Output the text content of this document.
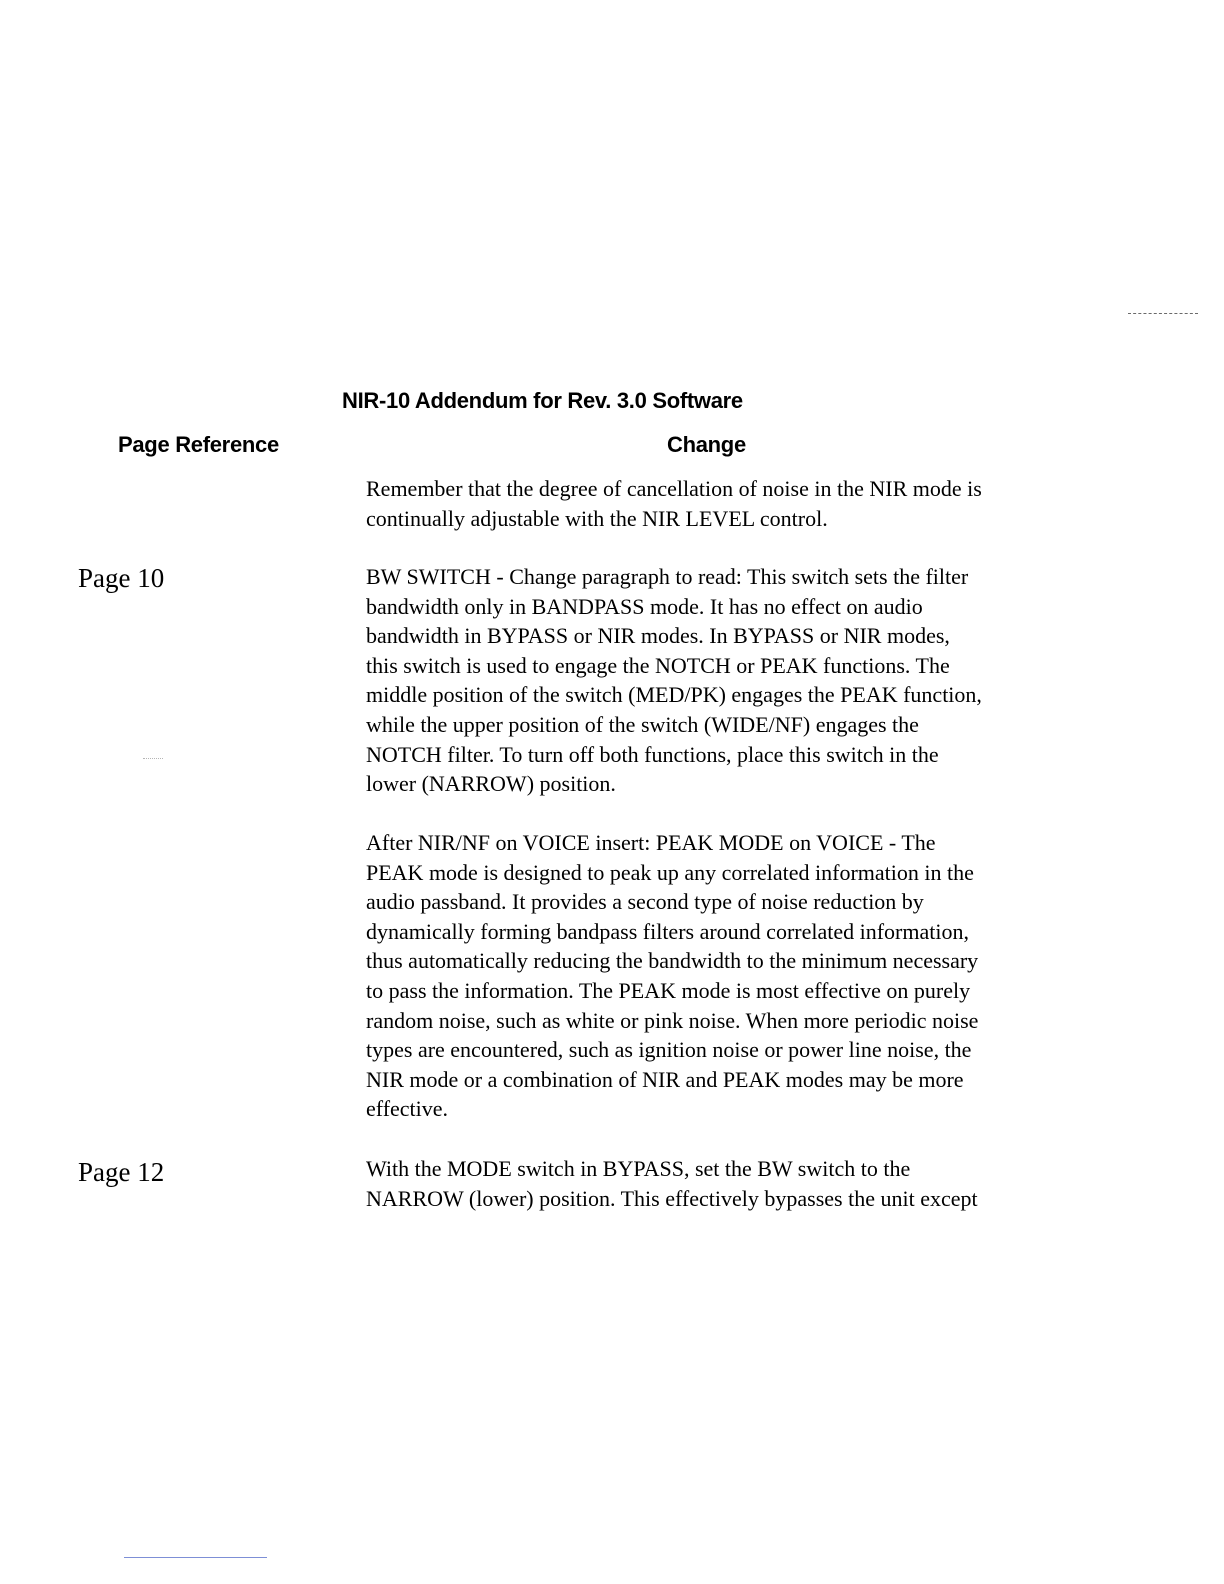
NIR-10 Addendum for Rev. 3.0 Software
Page Reference	Change
Remember that the degree of cancellation of noise in the NIR mode is
continually adjustable with the NIR LEVEL control.
Page 10	BW SWITCH - Change paragraph to read: This switch sets the filter
bandwidth only in BANDPASS mode. It has no effect on audio
bandwidth in BYPASS or NIR modes. In BYPASS or NIR modes,
this switch is used to engage the NOTCH or PEAK functions. The
middle position of the switch (MED/PK) engages the PEAK function,
while the upper position of the switch (WIDE/NF) engages the
NOTCH filter. To turn off both functions, place this switch in the
lower (NARROW) position.
After NIR/NF on VOICE insert: PEAK MODE on VOICE - The
PEAK mode is designed to peak up any correlated information in the
audio passband. It provides a second type of noise reduction by
dynamically forming bandpass filters around correlated information,
thus automatically reducing the bandwidth to the minimum necessary
to pass the information. The PEAK mode is most effective on purely
random noise, such as white or pink noise. When more periodic noise
types are encountered, such as ignition noise or power line noise, the
NIR mode or a combination of NIR and PEAK modes may be more
effective.
Page 12	With the MODE switch in BYPASS, set the BW switch to the
NARROW (lower) position. This effectively bypasses the unit except
